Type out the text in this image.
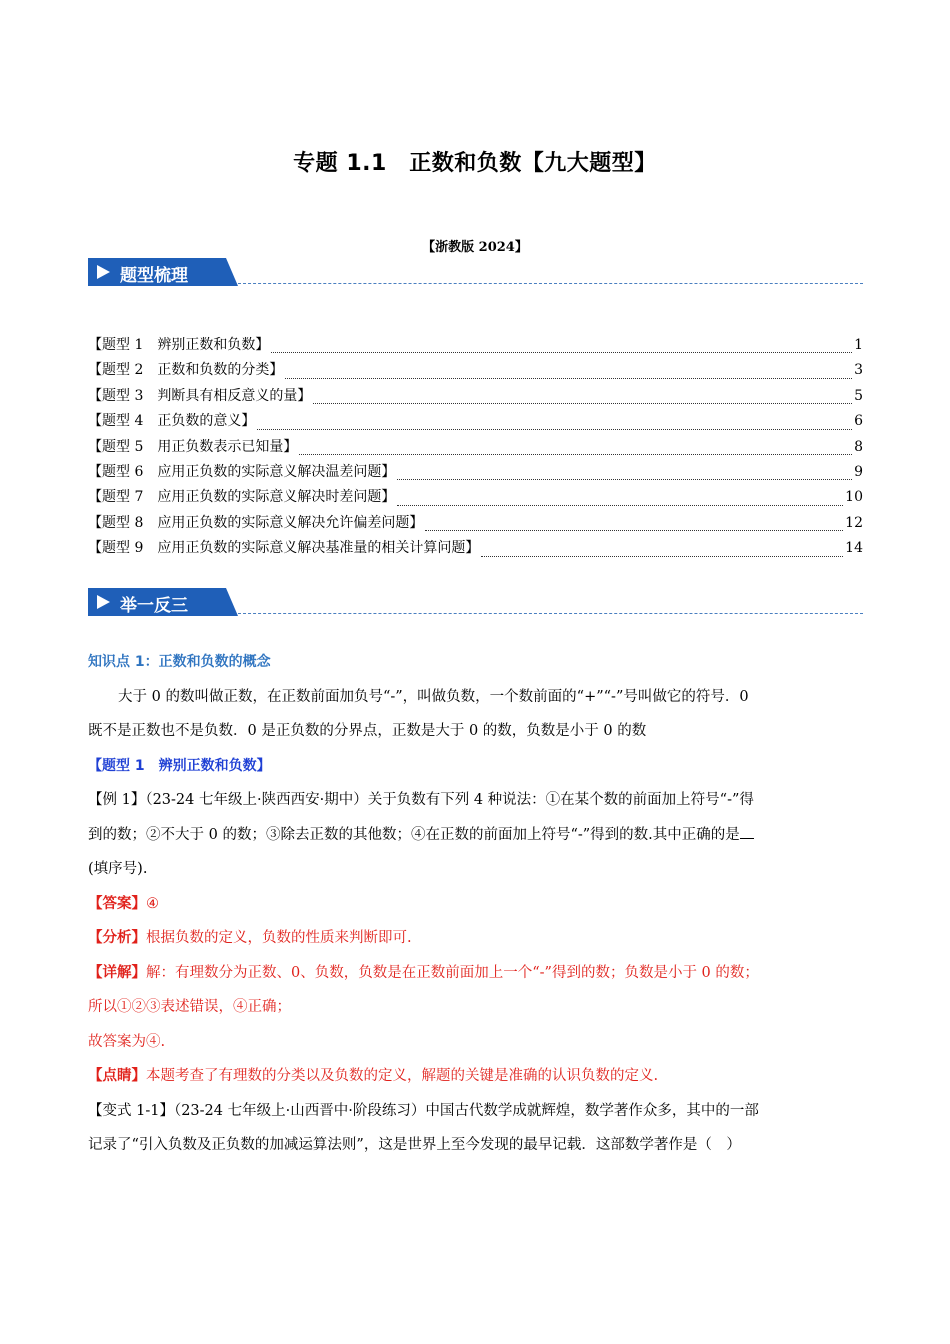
专题 1.1　正数和负数【九大题型】
【浙教版 2024】
题型梳理
【题型 1　辨别正数和负数】	1
【题型 2　正数和负数的分类】	3
【题型 3　判断具有相反意义的量】	5
【题型 4　正负数的意义】	6
【题型 5　用正负数表示已知量】	8
【题型 6　应用正负数的实际意义解决温差问题】	9
【题型 7　应用正负数的实际意义解决时差问题】	10
【题型 8　应用正负数的实际意义解决允许偏差问题】	12
【题型 9　应用正负数的实际意义解决基准量的相关计算问题】	14
举一反三
知识点 1：正数和负数的概念
大于 0 的数叫做正数，在正数前面加负号“-”，叫做负数，一个数前面的“+”“-”号叫做它的符号．0
既不是正数也不是负数．0 是正负数的分界点，正数是大于 0 的数，负数是小于 0 的数
【题型 1　辨别正数和负数】
【例 1】（23-24 七年级上·陕西西安·期中）关于负数有下列 4 种说法：①在某个数的前面加上符号“-”得
到的数；②不大于 0 的数；③除去正数的其他数；④在正数的前面加上符号“-”得到的数.其中正确的是
(填序号).
【答案】④
【分析】根据负数的定义，负数的性质来判断即可.
【详解】解：有理数分为正数、0、负数，负数是在正数前面加上一个“-”得到的数；负数是小于 0 的数；
所以①②③表述错误，④正确；
故答案为④.
【点睛】本题考查了有理数的分类以及负数的定义，解题的关键是准确的认识负数的定义.
【变式 1-1】（23-24 七年级上·山西晋中·阶段练习）中国古代数学成就辉煌，数学著作众多，其中的一部
记录了“引入负数及正负数的加减运算法则”，这是世界上至今发现的最早记载．这部数学著作是（　）
